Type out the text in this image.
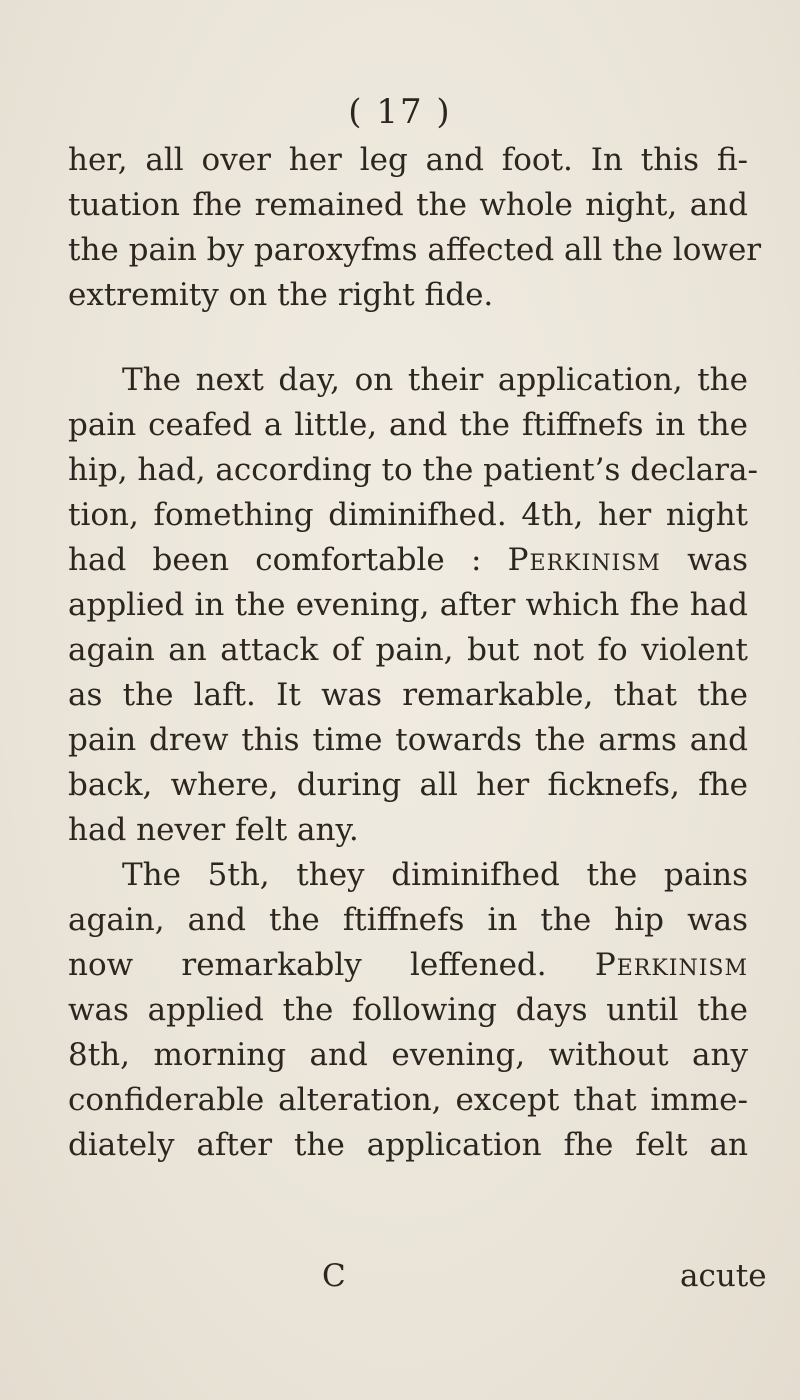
( 17 )
her, all over her leg and foot. In this fi-
tuation fhe remained the whole night, and
the pain by paroxyfms affected all the lower
extremity on the right fide.
The next day, on their application, the
pain ceafed a little, and the ftiffnefs in the
hip, had, according to the patient’s declara-
tion, fomething diminifhed. 4th, her night
had been comfortable : Perkinism was
applied in the evening, after which fhe had
again an attack of pain, but not fo violent
as the laft. It was remarkable, that the
pain drew this time towards the arms and
back, where, during all her ficknefs, fhe
had never felt any.
The 5th, they diminifhed the pains
again, and the ftiffnefs in the hip was
now remarkably leffened. Perkinism
was applied the following days until the
8th, morning and evening, without any
confiderable alteration, except that imme-
diately after the application fhe felt an
C	acute
